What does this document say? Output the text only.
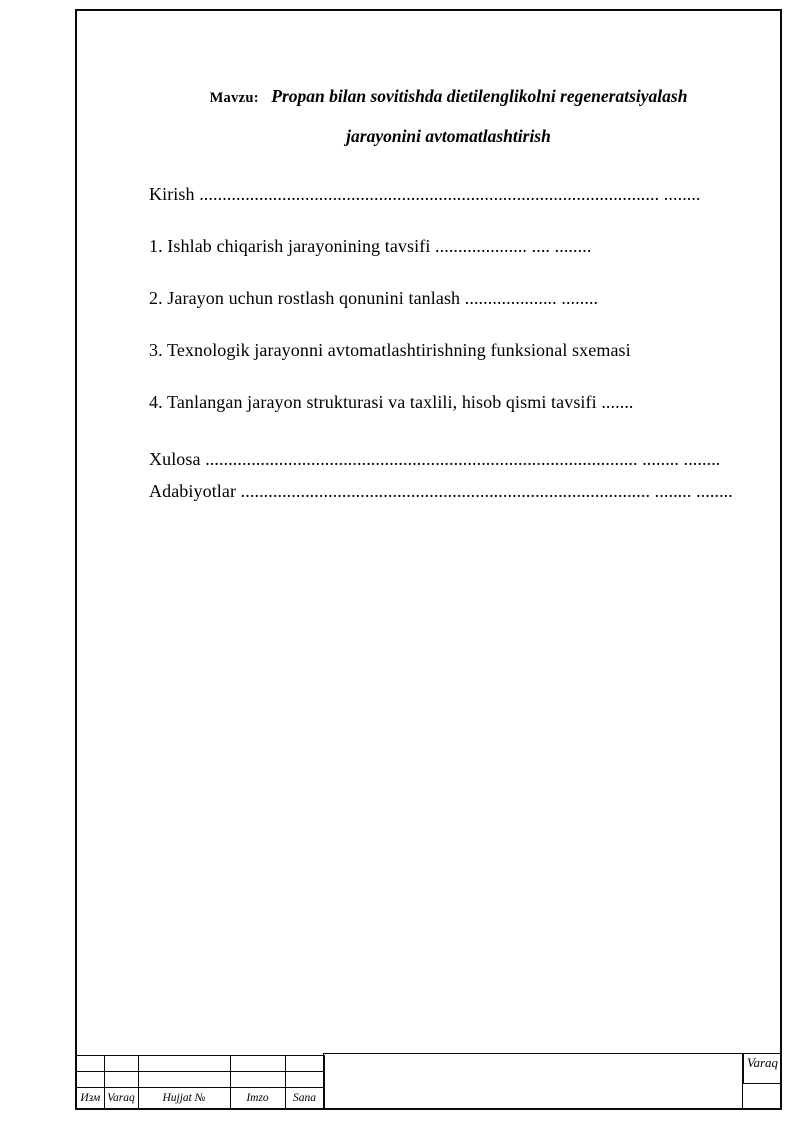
Mavzu: Propan bilan sovitishda dietilenglikolni regeneratsiyalash
jarayonini avtomatlashtirish
Kirish .................................................................................................... ........
1. Ishlab chiqarish jarayonining tavsifi .................... .... ........
2. Jarayon uchun rostlash qonunini tanlash .................... ........
3. Texnologik jarayonni avtomatlashtirishning funksional sxemasi
4. Tanlangan jarayon strukturasi va taxlili, hisob qismi tavsifi .......
Xulosa .............................................................................................. ........ ........
Adabiyotlar ......................................................................................... ........ ........

Изм	Varaq	Hujjat №	Imzo	Sana
Varaq
